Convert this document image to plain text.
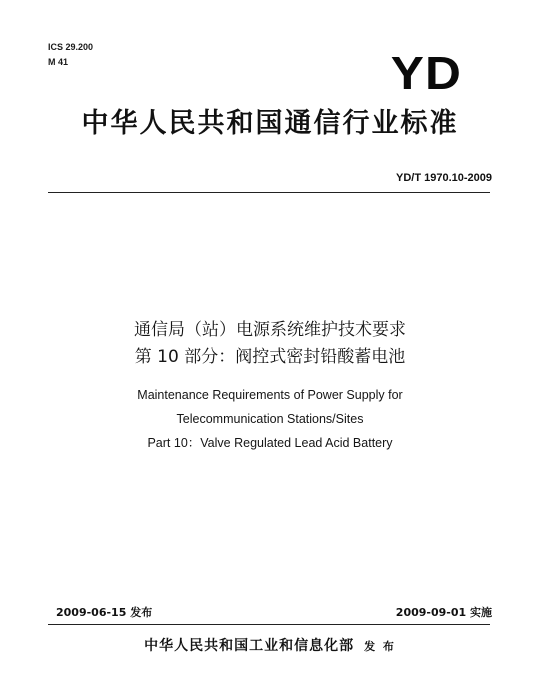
ICS 29.200
M 41	YD
中华人民共和国通信行业标准
YD/T 1970.10-2009
通信局（站）电源系统维护技术要求
第 10 部分：阀控式密封铅酸蓄电池
Maintenance Requirements of Power Supply for
Telecommunication Stations/Sites
Part 10：Valve Regulated Lead Acid Battery
2009-06-15 发布	2009-09-01 实施
中华人民共和国工业和信息化部 发 布
